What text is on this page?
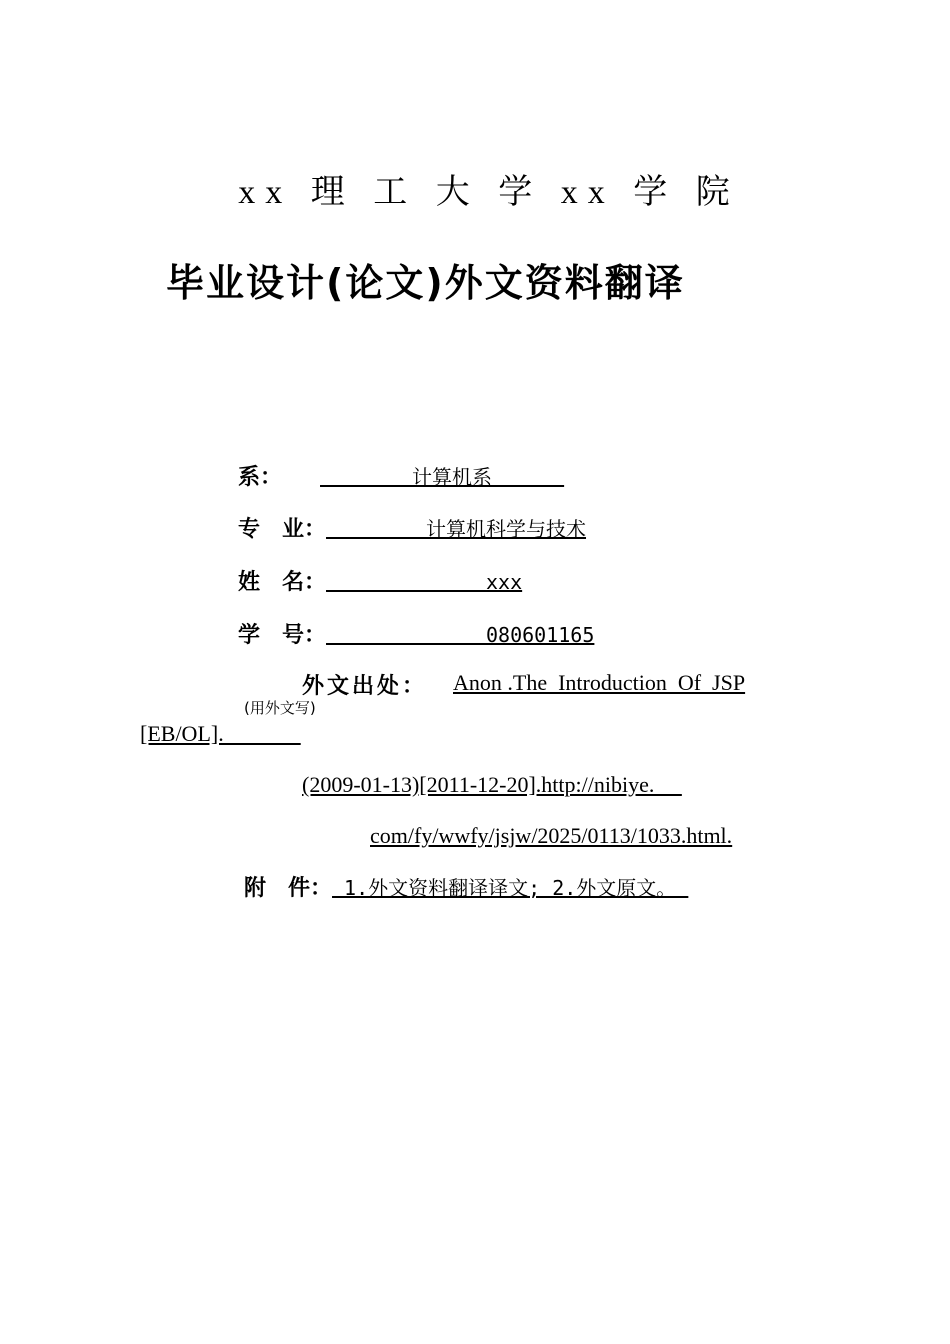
xx 理 工 大 学 xx 学 院
毕业设计(论文)外文资料翻译
系：　　　　 计算机系　　　
专　业：　　　　　计算机科学与技术
姓　名：　　　　　　　　xxx
学　号：　　　　　　　　080601165
外文出处： Anon .The  Introduction  Of  JSP
(用外文写)
[EB/OL].
(2009-01-13)[2011-12-20].http://nibiye.
com/fy/wwfy/jsjw/2025/0113/1033.html.
附　件： 1.外文资料翻译译文; 2.外文原文。
